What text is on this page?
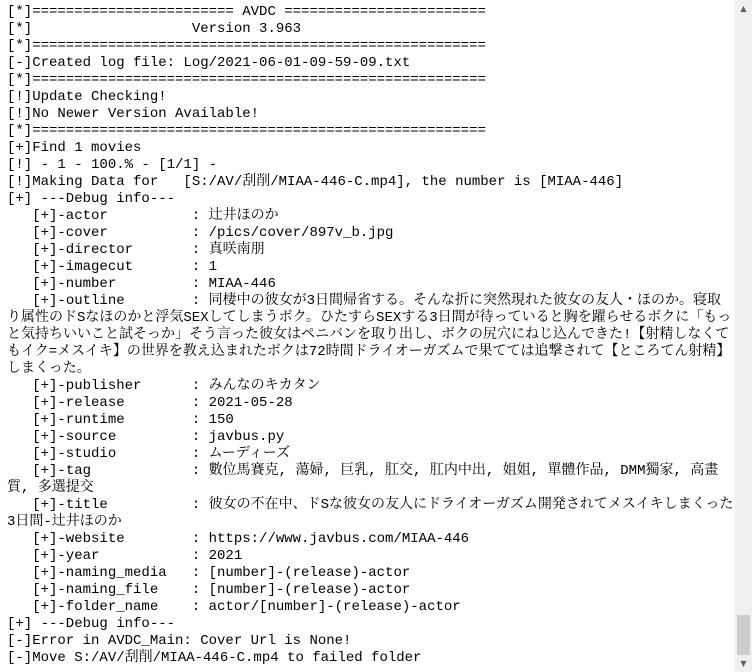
[*]======================== AVDC ========================
[*]                   Version 3.963
[*]======================================================
[-]Created log file: Log/2021-06-01-09-59-09.txt
[*]======================================================
[!]Update Checking!
[!]No Newer Version Available!
[*]======================================================
[+]Find 1 movies
[!] - 1 - 100.% - [1/1] -
[!]Making Data for   [S:/AV/刮削/MIAA-446-C.mp4], the number is [MIAA-446]
[+] ---Debug info---
[+]-actor          : 辻井ほのか
[+]-cover          : /pics/cover/897v_b.jpg
[+]-director       : 真咲南朋
[+]-imagecut       : 1
[+]-number         : MIAA-446
[+]-outline        : 同棲中の彼女が3日間帰省する。そんな折に突然現れた彼女の友人・ほのか。寝取り属性のドSなほのかと浮気SEXしてしまうボク。ひたすらSEXする3日間が待っていると胸を躍らせるボクに「もっと気持ちいいこと試そっか」そう言った彼女はペニバンを取り出し、ボクの尻穴にねじ込んできた!【射精しなくてもイク=メスイキ】の世界を教え込まれたボクは72時間ドライオーガズムで果てては追撃されて【ところてん射精】しまくった。
[+]-publisher      : みんなのキカタン
[+]-release        : 2021-05-28
[+]-runtime        : 150
[+]-source         : javbus.py
[+]-studio         : ムーディーズ
[+]-tag            : 數位馬賽克, 蕩婦, 巨乳, 肛交, 肛内中出, 姐姐, 單體作品, DMM獨家, 高畫質, 多選提交
[+]-title          : 彼女の不在中、ドSな彼女の友人にドライオーガズム開発されてメスイキしまくった3日間-辻井ほのか
[+]-website        : https://www.javbus.com/MIAA-446
[+]-year           : 2021
[+]-naming_media   : [number]-(release)-actor
[+]-naming_file    : [number]-(release)-actor
[+]-folder_name    : actor/[number]-(release)-actor
[+] ---Debug info---
[-]Error in AVDC_Main: Cover Url is None!
[-]Move S:/AV/刮削/MIAA-446-C.mp4 to failed folder
▲
▼
